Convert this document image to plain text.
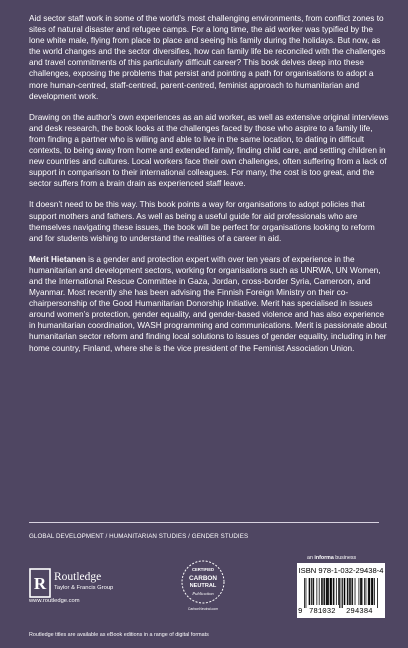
Aid sector staff work in some of the world’s most challenging environments, from conflict zones to sites of natural disaster and refugee camps. For a long time, the aid worker was typified by the lone white male, flying from place to place and seeing his family during the holidays. But now, as the world changes and the sector diversifies, how can family life be reconciled with the challenges and travel commitments of this particularly difficult career? This book delves deep into these challenges, exposing the problems that persist and pointing a path for organisations to adopt a more human-centred, staff-centred, parent-centred, feminist approach to humanitarian and development work.

Drawing on the author’s own experiences as an aid worker, as well as extensive original interviews and desk research, the book looks at the challenges faced by those who aspire to a family life, from finding a partner who is willing and able to live in the same location, to dating in difficult contexts, to being away from home and extended family, finding child care, and settling children in new countries and cultures. Local workers face their own challenges, often suffering from a lack of support in comparison to their international colleagues. For many, the cost is too great, and the sector suffers from a brain drain as experienced staff leave.

It doesn’t need to be this way. This book points a way for organisations to adopt policies that support mothers and fathers. As well as being a useful guide for aid professionals who are themselves navigating these issues, the book will be perfect for organisations looking to reform and for students wishing to understand the realities of a career in aid.

Merit Hietanen is a gender and protection expert with over ten years of experience in the humanitarian and development sectors, working for organisations such as UNRWA, UN Women, and the International Rescue Committee in Gaza, Jordan, cross-border Syria, Cameroon, and Myanmar. Most recently she has been advising the Finnish Foreign Ministry on their co-chairpersonship of the Good Humanitarian Donorship Initiative. Merit has specialised in issues around women’s protection, gender equality, and gender-based violence and has also experience in humanitarian coordination, WASH programming and communications. Merit is passionate about humanitarian sector reform and finding local solutions to issues of gender equality, including in her home country, Finland, where she is the vice president of the Feminist Association Union.

GLOBAL DEVELOPMENT / HUMANITARIAN STUDIES / GENDER STUDIES
R Routledge
Taylor & Francis Group
www.routledge.com
CERTIFIED
CARBON
NEUTRAL
Publication
CarbonNeutral.com
an informa business
ISBN 978-1-032-29438-4
9 781032 294384
Routledge titles are available as eBook editions in a range of digital formats
